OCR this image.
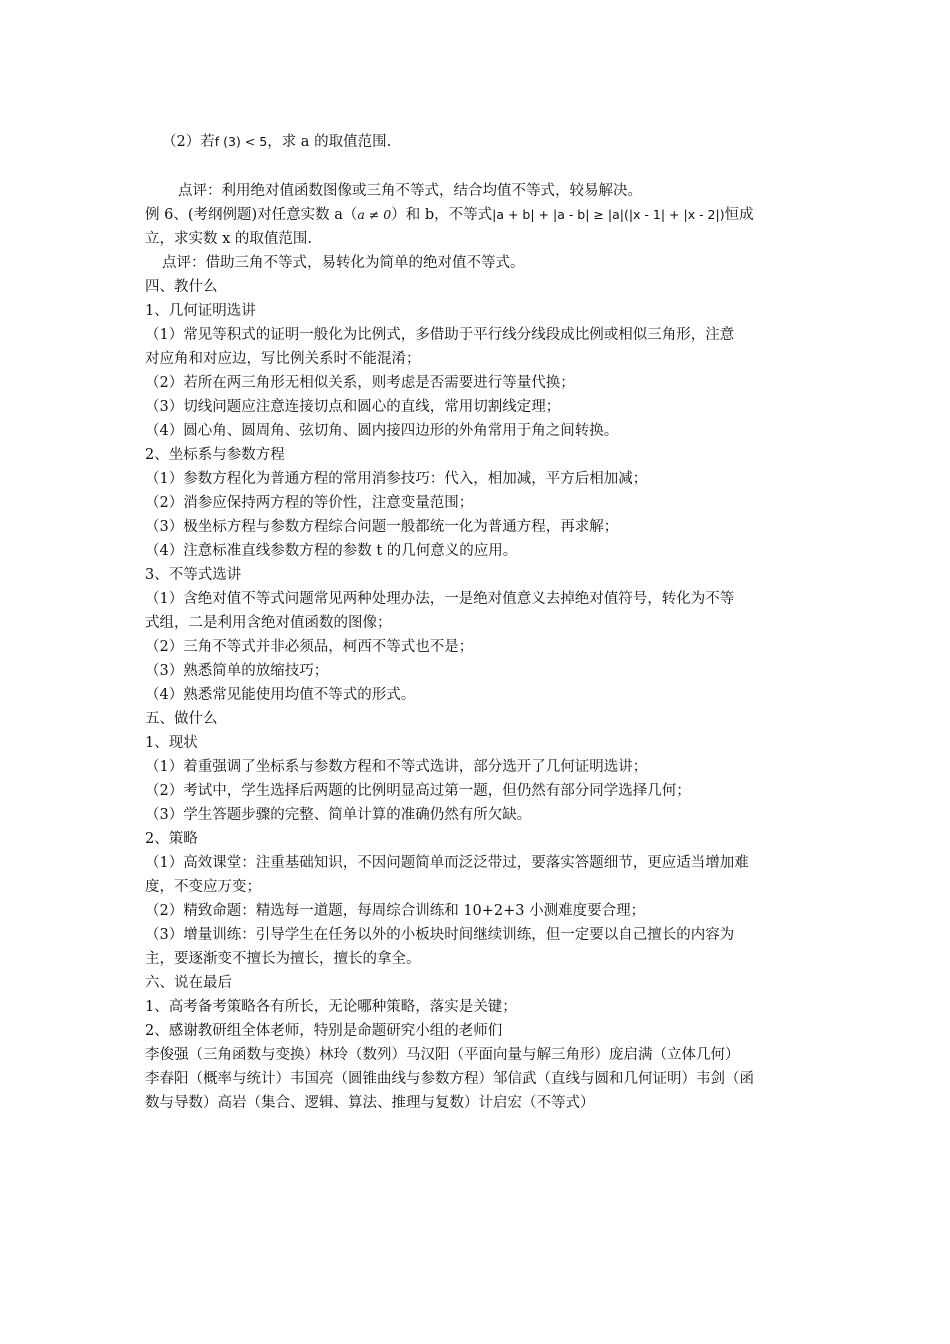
（2）若f (3) < 5，求 a 的取值范围.
点评：利用绝对值函数图像或三角不等式，结合均值不等式，较易解决。
例 6、(考纲例题)对任意实数 a（a ≠ 0）和 b，不等式|a + b| + |a - b| ≥ |a|(|x - 1| + |x - 2|)恒成
立，求实数 x 的取值范围.
点评：借助三角不等式，易转化为简单的绝对值不等式。
四、教什么
1、几何证明选讲
（1）常见等积式的证明一般化为比例式，多借助于平行线分线段成比例或相似三角形，注意
对应角和对应边，写比例关系时不能混淆；
（2）若所在两三角形无相似关系，则考虑是否需要进行等量代换；
（3）切线问题应注意连接切点和圆心的直线，常用切割线定理；
（4）圆心角、圆周角、弦切角、圆内接四边形的外角常用于角之间转换。
2、坐标系与参数方程
（1）参数方程化为普通方程的常用消参技巧：代入，相加减，平方后相加减；
（2）消参应保持两方程的等价性，注意变量范围；
（3）极坐标方程与参数方程综合问题一般都统一化为普通方程，再求解；
（4）注意标准直线参数方程的参数 t 的几何意义的应用。
3、不等式选讲
（1）含绝对值不等式问题常见两种处理办法，一是绝对值意义去掉绝对值符号，转化为不等
式组，二是利用含绝对值函数的图像；
（2）三角不等式并非必须品，柯西不等式也不是；
（3）熟悉简单的放缩技巧；
（4）熟悉常见能使用均值不等式的形式。
五、做什么
1、现状
（1）着重强调了坐标系与参数方程和不等式选讲，部分选开了几何证明选讲；
（2）考试中，学生选择后两题的比例明显高过第一题，但仍然有部分同学选择几何；
（3）学生答题步骤的完整、简单计算的准确仍然有所欠缺。
2、策略
（1）高效课堂：注重基础知识，不因问题简单而泛泛带过，要落实答题细节，更应适当增加难
度，不变应万变；
（2）精致命题：精选每一道题，每周综合训练和 10+2+3 小测难度要合理；
（3）增量训练：引导学生在任务以外的小板块时间继续训练，但一定要以自己擅长的内容为
主，要逐渐变不擅长为擅长，擅长的拿全。
六、说在最后
1、高考备考策略各有所长，无论哪种策略，落实是关键；
2、感谢教研组全体老师，特别是命题研究小组的老师们
李俊强（三角函数与变换）林玲（数列）马汉阳（平面向量与解三角形）庞启满（立体几何）
李春阳（概率与统计）韦国亮（圆锥曲线与参数方程）邹信武（直线与圆和几何证明）韦剑（函
数与导数）高岩（集合、逻辑、算法、推理与复数）计启宏（不等式）
